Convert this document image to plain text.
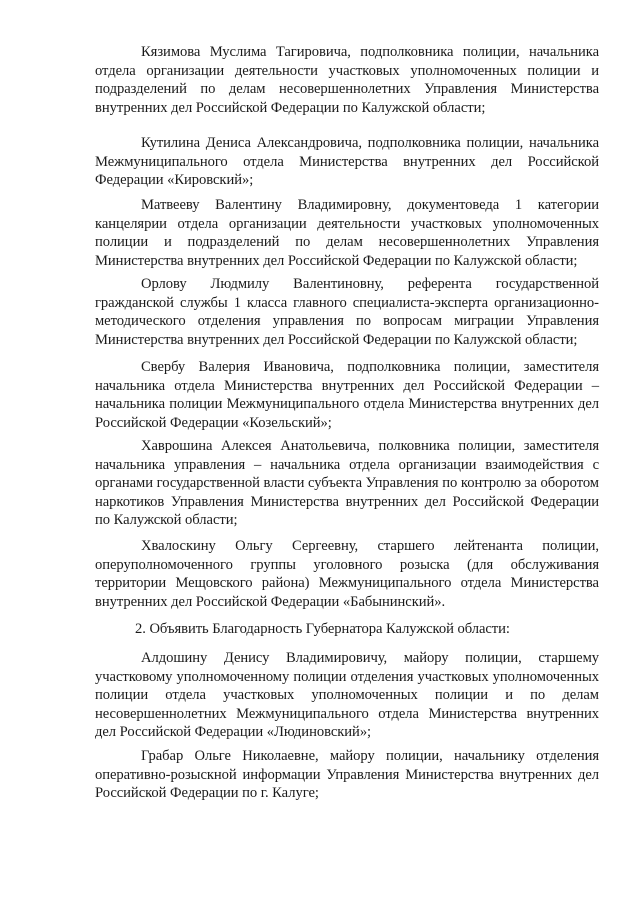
Кязимова Муслима Тагировича, подполковника полиции, начальника отдела организации деятельности участковых уполномоченных полиции и подразделений по делам несовершеннолетних Управления Министерства внутренних дел Российской Федерации по Калужской области;

Кутилина Дениса Александровича, подполковника полиции, начальника Межмуниципального отдела Министерства внутренних дел Российской Федерации «Кировский»;

Матвееву Валентину Владимировну, документоведа 1 категории канцелярии отдела организации деятельности участковых уполномоченных полиции и подразделений по делам несовершеннолетних Управления Министерства внутренних дел Российской Федерации по Калужской области;

Орлову Людмилу Валентиновну, референта государственной гражданской службы 1 класса главного специалиста-эксперта организационно-методического отделения управления по вопросам миграции Управления Министерства внутренних дел Российской Федерации по Калужской области;

Свербу Валерия Ивановича, подполковника полиции, заместителя начальника отдела Министерства внутренних дел Российской Федерации – начальника полиции Межмуниципального отдела Министерства внутренних дел Российской Федерации «Козельский»;

Хаврошина Алексея Анатольевича, полковника полиции, заместителя начальника управления – начальника отдела организации взаимодействия с органами государственной власти субъекта Управления по контролю за оборотом наркотиков Управления Министерства внутренних дел Российской Федерации по Калужской области;

Хвалоскину Ольгу Сергеевну, старшего лейтенанта полиции, оперуполномоченного группы уголовного розыска (для обслуживания территории Мещовского района) Межмуниципального отдела Министерства внутренних дел Российской Федерации «Бабынинский».

2. Объявить Благодарность Губернатора Калужской области:

Алдошину Денису Владимировичу, майору полиции, старшему участковому уполномоченному полиции отделения участковых уполномоченных полиции отдела участковых уполномоченных полиции и по делам несовершеннолетних Межмуниципального отдела Министерства внутренних дел Российской Федерации «Людиновский»;

Грабар Ольге Николаевне, майору полиции, начальнику отделения оперативно-розыскной информации Управления Министерства внутренних дел Российской Федерации по г. Калуге;
